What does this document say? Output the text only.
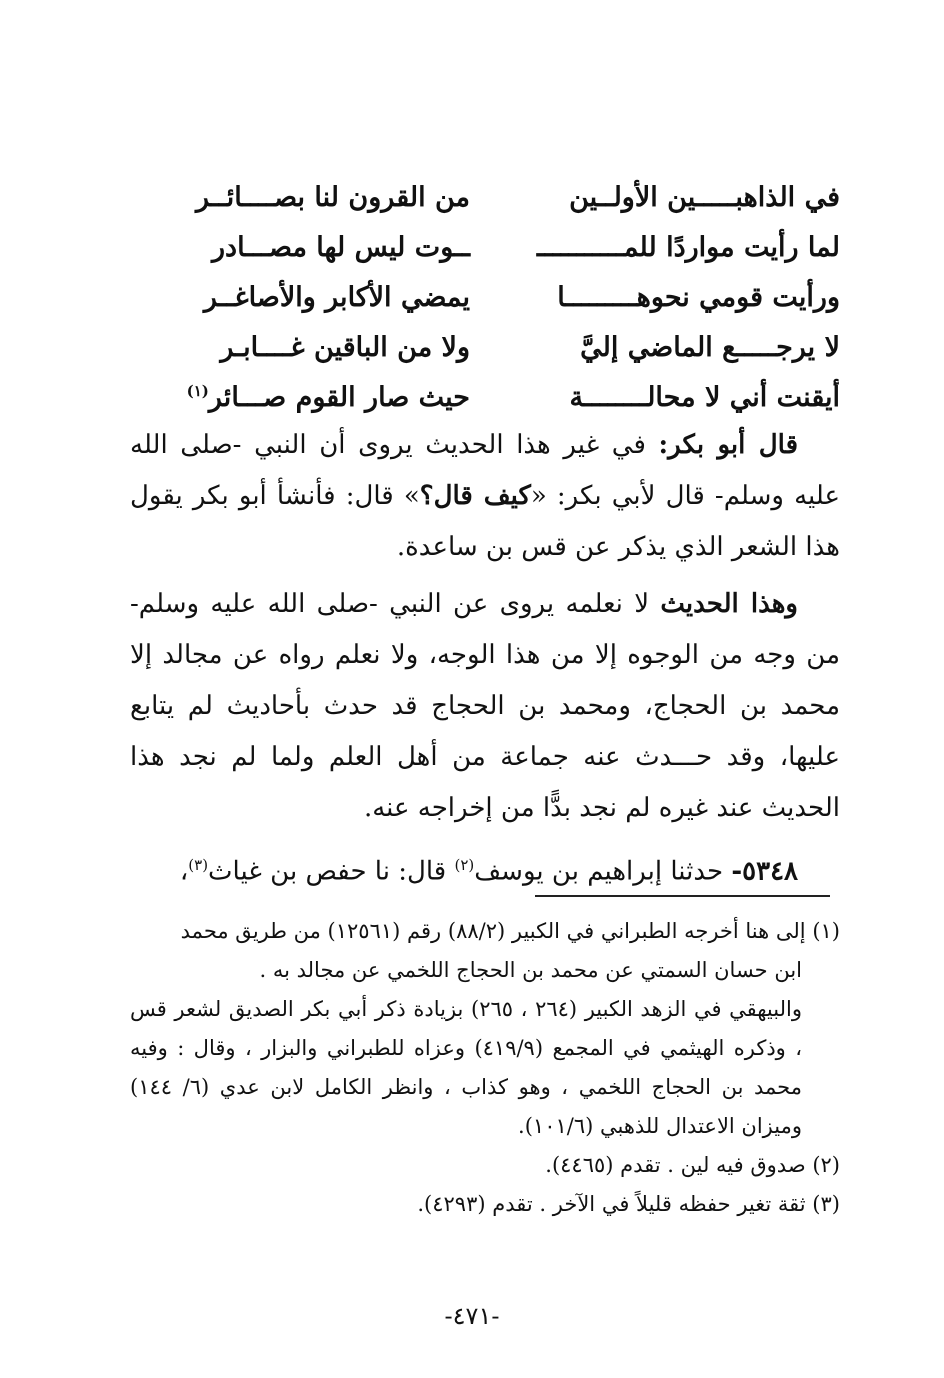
في الذاهبـــــين الأولــين
من القرون لنا بصــــائــر
لما رأيت مواردًا للمـــــــــــ
ــوت ليس لها مصـــادر
ورأيت قومي نحوهـــــــــا
يمضي الأكابر والأصاغــر
لا يرجـــــع الماضي إليَّ
ولا من الباقين غــــابـر
أيقنت أني لا محالــــــــة
حيث صار القوم صـــائر$^{(١)}$

قال أبو بكر: في غير هذا الحديث يروى أن النبي -صلى الله عليه وسلم- قال لأبي بكر: «كيف قال؟» قال: فأنشأ أبو بكر يقول هذا الشعر الذي يذكر عن قس بن ساعدة.

وهذا الحديث لا نعلمه يروى عن النبي -صلى الله عليه وسلم- من وجه من الوجوه إلا من هذا الوجه، ولا نعلم رواه عن مجالد إلا محمد بن الحجاج، ومحمد بن الحجاج قد حدث بأحاديث لم يتابع عليها، وقد حـــدث عنه جماعة من أهل العلم ولما لم نجد هذا الحديث عند غيره لم نجد بدًّا من إخراجه عنه.

٥٣٤٨- حدثنا إبراهيم بن يوسف$^{(٢)}$ قال: نا حفص بن غياث$^{(٣)}$،

(١) إلى هنا أخرجه الطبراني في الكبير (٨٨/٢) رقم (١٢٥٦١) من طريق محمد
ابن حسان السمتي عن محمد بن الحجاج اللخمي عن مجالد به .
والبيهقي في الزهد الكبير (٢٦٤ ، ٢٦٥) بزيادة ذكر أبي بكر الصديق لشعر قس ، وذكره الهيثمي في المجمع (٤١٩/٩) وعزاه للطبراني والبزار ، وقال : وفيه محمد بن الحجاج اللخمي ، وهو كذاب ، وانظر الكامل لابن عدي (٦/ ١٤٤) وميزان الاعتدال للذهبي (١٠١/٦).

(٢) صدوق فيه لين . تقدم (٤٤٦٥).

(٣) ثقة تغير حفظه قليلاً في الآخر . تقدم (٤٢٩٣).

-٤٧١-
